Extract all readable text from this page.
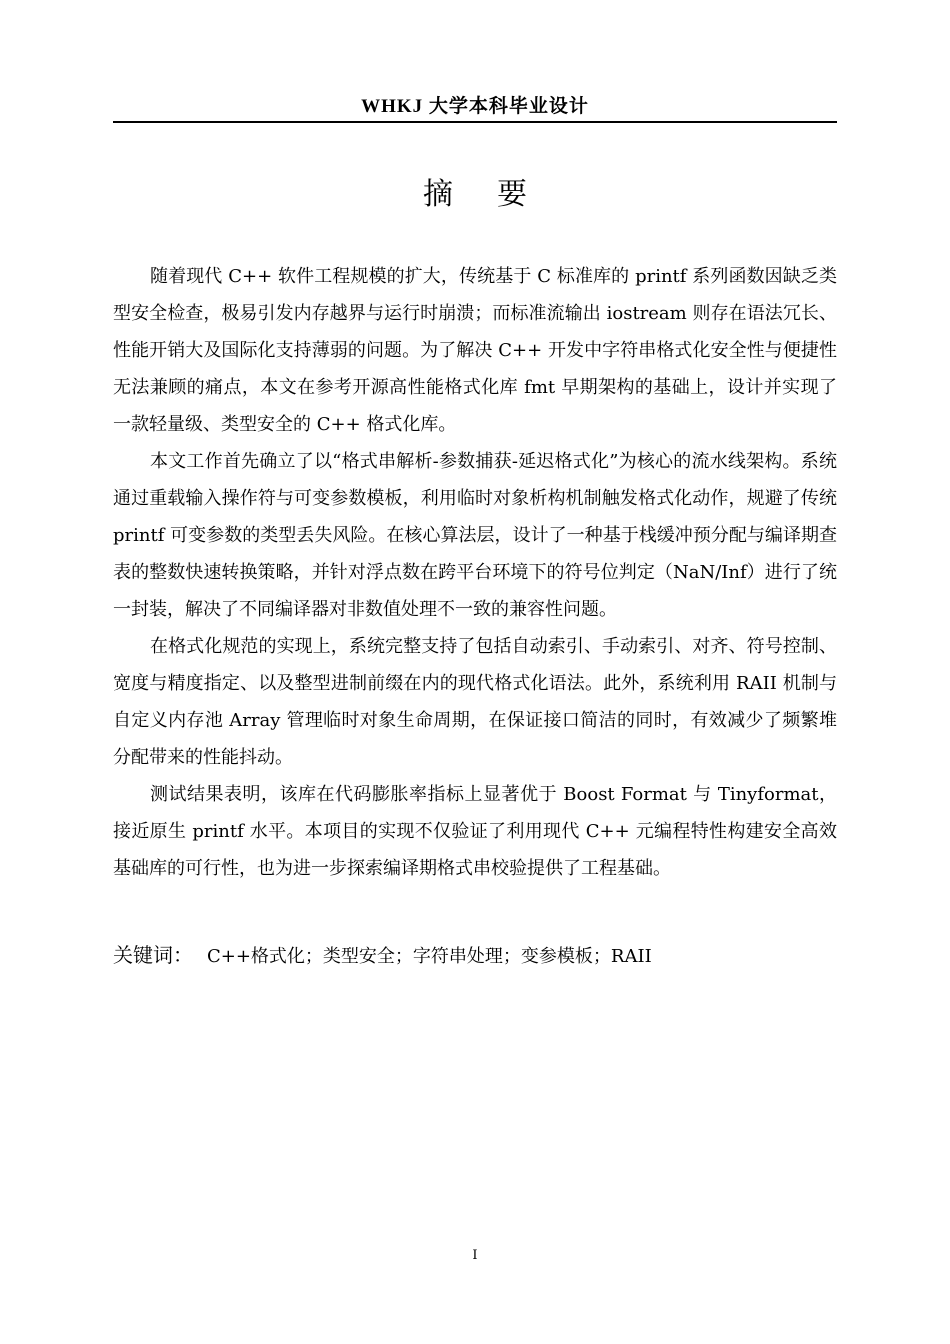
WHKJ 大学本科毕业设计
摘要

随着现代 C++ 软件工程规模的扩大，传统基于 C 标准库的 printf 系列函数因缺乏类型安全检查，极易引发内存越界与运行时崩溃；而标准流输出 iostream 则存在语法冗长、性能开销大及国际化支持薄弱的问题。为了解决 C++ 开发中字符串格式化安全性与便捷性无法兼顾的痛点，本文在参考开源高性能格式化库 fmt 早期架构的基础上，设计并实现了一款轻量级、类型安全的 C++ 格式化库。

本文工作首先确立了以“格式串解析-参数捕获-延迟格式化”为核心的流水线架构。系统通过重载输入操作符与可变参数模板，利用临时对象析构机制触发格式化动作，规避了传统 printf 可变参数的类型丢失风险。在核心算法层，设计了一种基于栈缓冲预分配与编译期查表的整数快速转换策略，并针对浮点数在跨平台环境下的符号位判定（NaN/Inf）进行了统一封装，解决了不同编译器对非数值处理不一致的兼容性问题。

在格式化规范的实现上，系统完整支持了包括自动索引、手动索引、对齐、符号控制、宽度与精度指定、以及整型进制前缀在内的现代格式化语法。此外，系统利用 RAII 机制与自定义内存池 Array 管理临时对象生命周期，在保证接口简洁的同时，有效减少了频繁堆分配带来的性能抖动。

测试结果表明，该库在代码膨胀率指标上显著优于 Boost Format 与 Tinyformat，接近原生 printf 水平。本项目的实现不仅验证了利用现代 C++ 元编程特性构建安全高效基础库的可行性，也为进一步探索编译期格式串校验提供了工程基础。

关键词： C++格式化；类型安全；字符串处理；变参模板；RAII
I
